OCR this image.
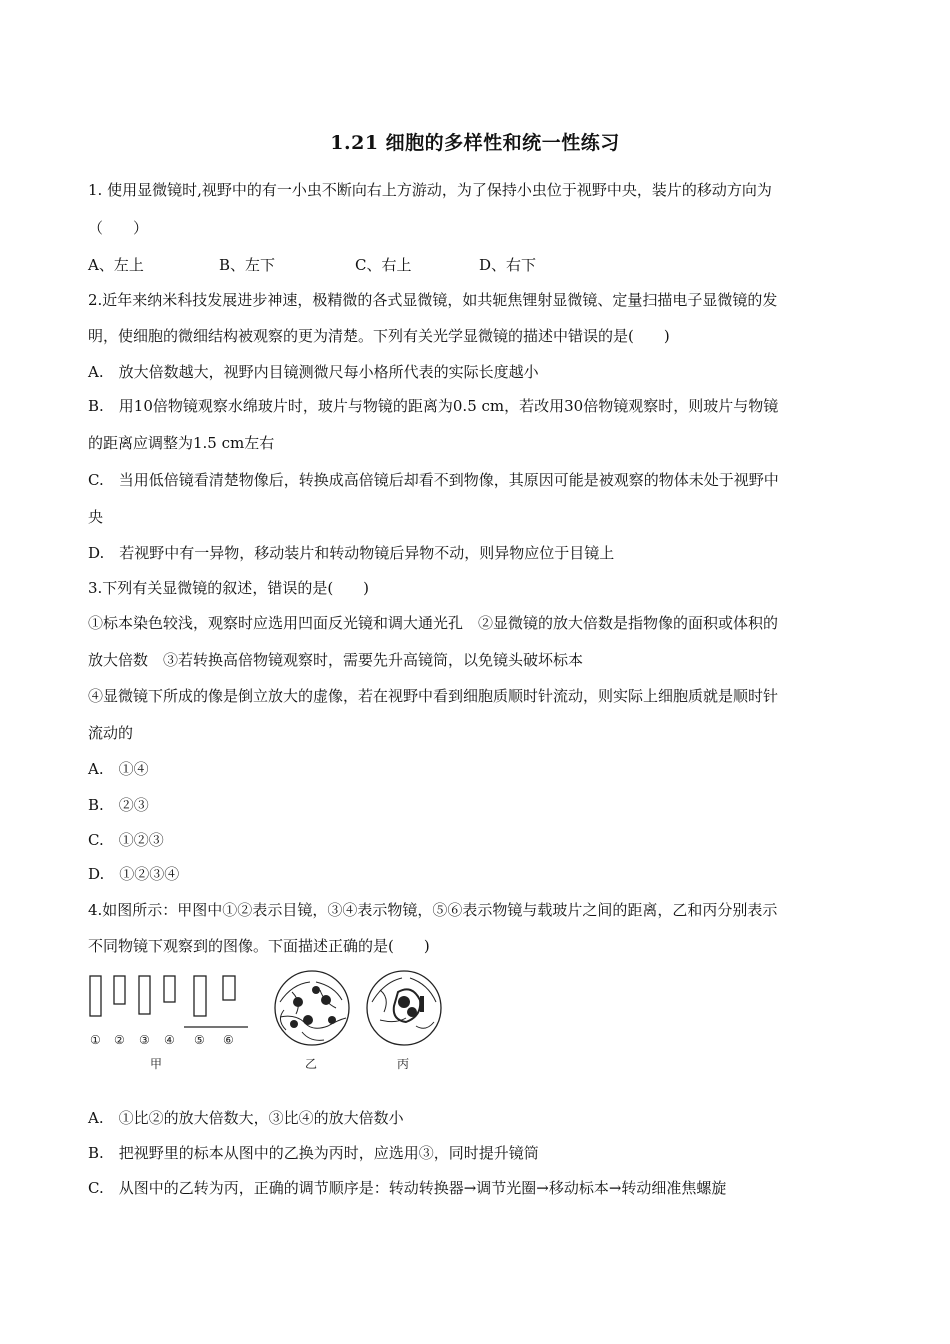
1.21 细胞的多样性和统一性练习
1. 使用显微镜时,视野中的有一小虫不断向右上方游动，为了保持小虫位于视野中央，装片的移动方向为
（　　）
A、左上	B、左下	C、右上	D、右下
2.近年来纳米科技发展进步神速，极精微的各式显微镜，如共轭焦锂射显微镜、定量扫描电子显微镜的发
明，使细胞的微细结构被观察的更为清楚。下列有关光学显微镜的描述中错误的是(　　)
A.　放大倍数越大，视野内目镜测微尺每小格所代表的实际长度越小
B.　用10倍物镜观察水绵玻片时，玻片与物镜的距离为0.5 cm，若改用30倍物镜观察时，则玻片与物镜
的距离应调整为1.5 cm左右
C.　当用低倍镜看清楚物像后，转换成高倍镜后却看不到物像，其原因可能是被观察的物体未处于视野中
央
D.　若视野中有一异物，移动装片和转动物镜后异物不动，则异物应位于目镜上
3.下列有关显微镜的叙述，错误的是(　　)
①标本染色较浅，观察时应选用凹面反光镜和调大通光孔　②显微镜的放大倍数是指物像的面积或体积的
放大倍数　③若转换高倍物镜观察时，需要先升高镜筒，以免镜头破坏标本
④显微镜下所成的像是倒立放大的虚像，若在视野中看到细胞质顺时针流动，则实际上细胞质就是顺时针
流动的
A.　①④
B.　②③
C.　①②③
D.　①②③④
4.如图所示：甲图中①②表示目镜，③④表示物镜，⑤⑥表示物镜与载玻片之间的距离，乙和丙分别表示
不同物镜下观察到的图像。下面描述正确的是(　　)
① ② ③ ④ ⑤ ⑥
甲	乙	丙
A.　①比②的放大倍数大，③比④的放大倍数小
B.　把视野里的标本从图中的乙换为丙时，应选用③，同时提升镜筒
C.　从图中的乙转为丙，正确的调节顺序是：转动转换器→调节光圈→移动标本→转动细准焦螺旋
